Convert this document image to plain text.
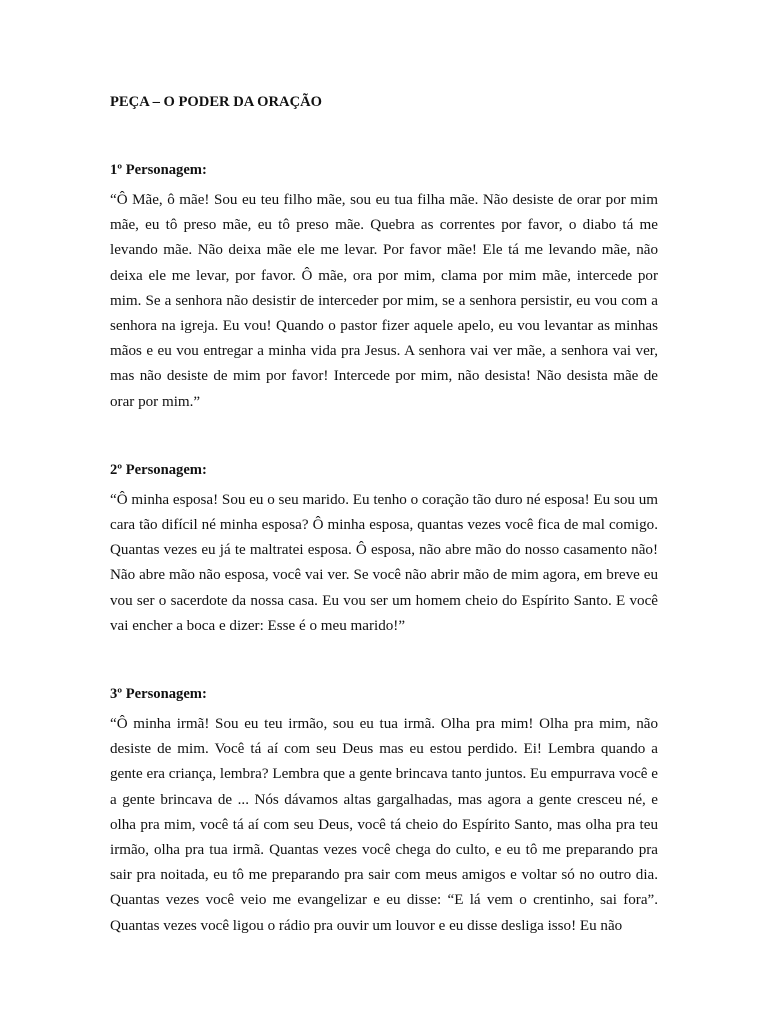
PEÇA – O PODER DA ORAÇÃO

1º Personagem:

“Ô Mãe, ô mãe! Sou eu teu filho mãe, sou eu tua filha mãe. Não desiste de orar por mim mãe, eu tô preso mãe, eu tô preso mãe. Quebra as correntes por favor, o diabo tá me levando mãe. Não deixa mãe ele me levar. Por favor mãe! Ele tá me levando mãe, não deixa ele me levar, por favor. Ô mãe, ora por mim, clama por mim mãe, intercede por mim. Se a senhora não desistir de interceder por mim, se a senhora persistir, eu vou com a senhora na igreja. Eu vou! Quando o pastor fizer aquele apelo, eu vou levantar as minhas mãos e eu vou entregar a minha vida pra Jesus. A senhora vai ver mãe, a senhora vai ver, mas não desiste de mim por favor! Intercede por mim, não desista! Não desista mãe de orar por mim.”

2º Personagem:

“Ô minha esposa! Sou eu o seu marido. Eu tenho o coração tão duro né esposa! Eu sou um cara tão difícil né minha esposa? Ô minha esposa, quantas vezes você fica de mal comigo. Quantas vezes eu já te maltratei esposa. Ô esposa, não abre mão do nosso casamento não! Não abre mão não esposa, você vai ver. Se você não abrir mão de mim agora, em breve eu vou ser o sacerdote da nossa casa. Eu vou ser um homem cheio do Espírito Santo. E você vai encher a boca e dizer: Esse é o meu marido!”

3º Personagem:

“Ô minha irmã! Sou eu teu irmão, sou eu tua irmã. Olha pra mim! Olha pra mim, não desiste de mim. Você tá aí com seu Deus mas eu estou perdido. Ei! Lembra quando a gente era criança, lembra? Lembra que a gente brincava tanto juntos. Eu empurrava você e a gente brincava de ... Nós dávamos altas gargalhadas, mas agora a gente cresceu né, e olha pra mim, você tá aí com seu Deus, você tá cheio do Espírito Santo, mas olha pra teu irmão, olha pra tua irmã. Quantas vezes você chega do culto, e eu tô me preparando pra sair pra noitada, eu tô me preparando pra sair com meus amigos e voltar só no outro dia. Quantas vezes você veio me evangelizar e eu disse: “E lá vem o crentinho, sai fora”. Quantas vezes você ligou o rádio pra ouvir um louvor e eu disse desliga isso! Eu não
